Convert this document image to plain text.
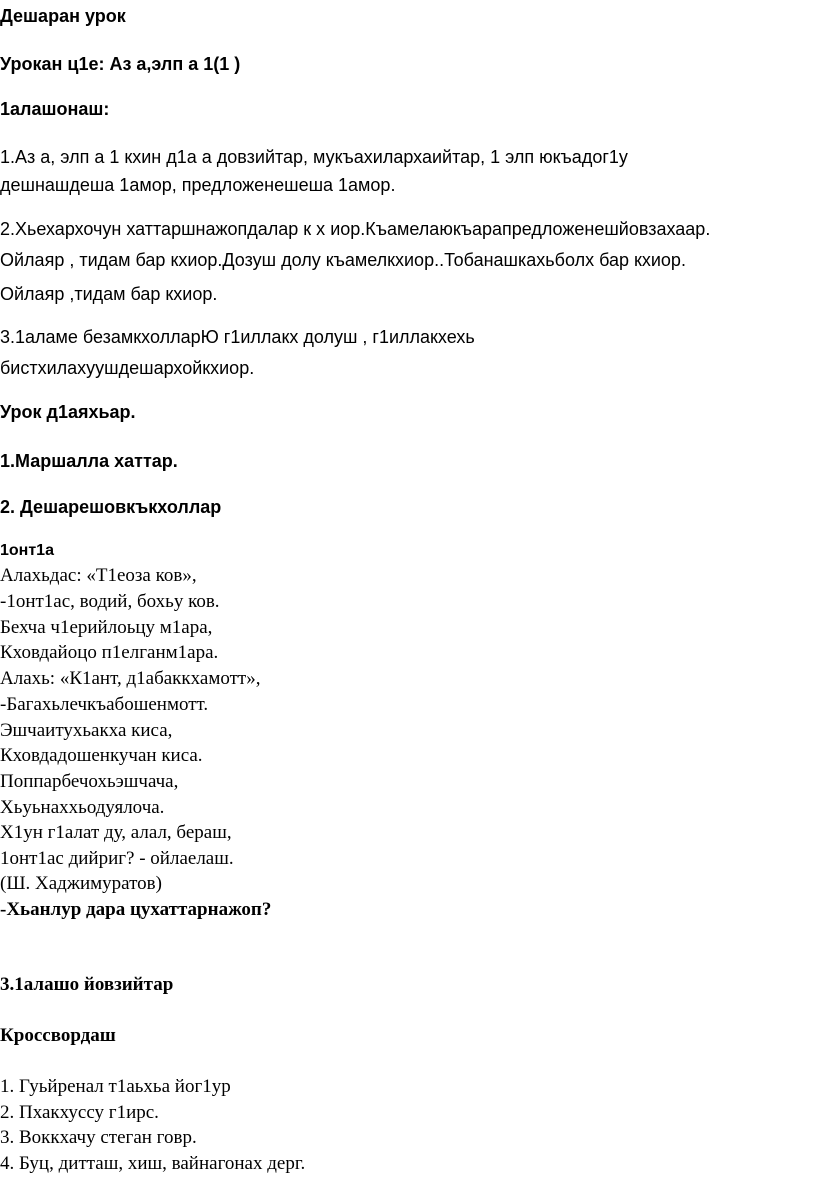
Дешаран урок
Урокан ц1е: Аз а,элп а 1(1 )
1алашонаш:
1.Аз а, элп а 1 кхин д1а а довзийтар, мукъахилархаийтар, 1 элп юкъадог1у
дешнашдеша 1амор, предложенешеша 1амор.
2.Хьехархочун хаттаршнажопдалар к х иор.Къамелаюкъарапредложенешйовзахаар.
Ойлаяр , тидам бар кхиор.Дозуш долу къамелкхиор..Тобанашкахьболх бар кхиор.
Ойлаяр ,тидам бар кхиор.
3.1аламе безамкхолларЮ г1иллакх долуш , г1иллакхехь
бистхилахуушдешархойкхиор.
Урок д1аяхьар.
1.Маршалла хаттар.
2. Дешарешовкъкхоллар
1онт1а
Алахьдас: «Т1еоза ков»,
-1онт1ас, водий, бохьу ков.
Бехча ч1ерийлоьцу м1ара,
Кховдайоцо п1елганм1ара.
Алахь: «К1ант, д1абаккхамотт»,
-Багахьлечкъабошенмотт.
Эшчаитухьакха киса,
Кховдадошенкучан киса.
Поппарбечохьэшчача,
Хьуьнаххьодуялоча.
Х1ун г1алат ду, алал, бераш,
1онт1ас дийриг? - ойлаелаш.
(Ш. Хаджимуратов)
-Хьанлур дара цухаттарнажоп?
3.1алашо йовзийтар
Кроссвордаш
1. Гуьйренал т1аьхьа йог1ур
2. Пхакхуссу г1ирс.
3. Воккхачу стеган говр.
4. Буц, дитташ, хиш, вайнагонах дерг.
